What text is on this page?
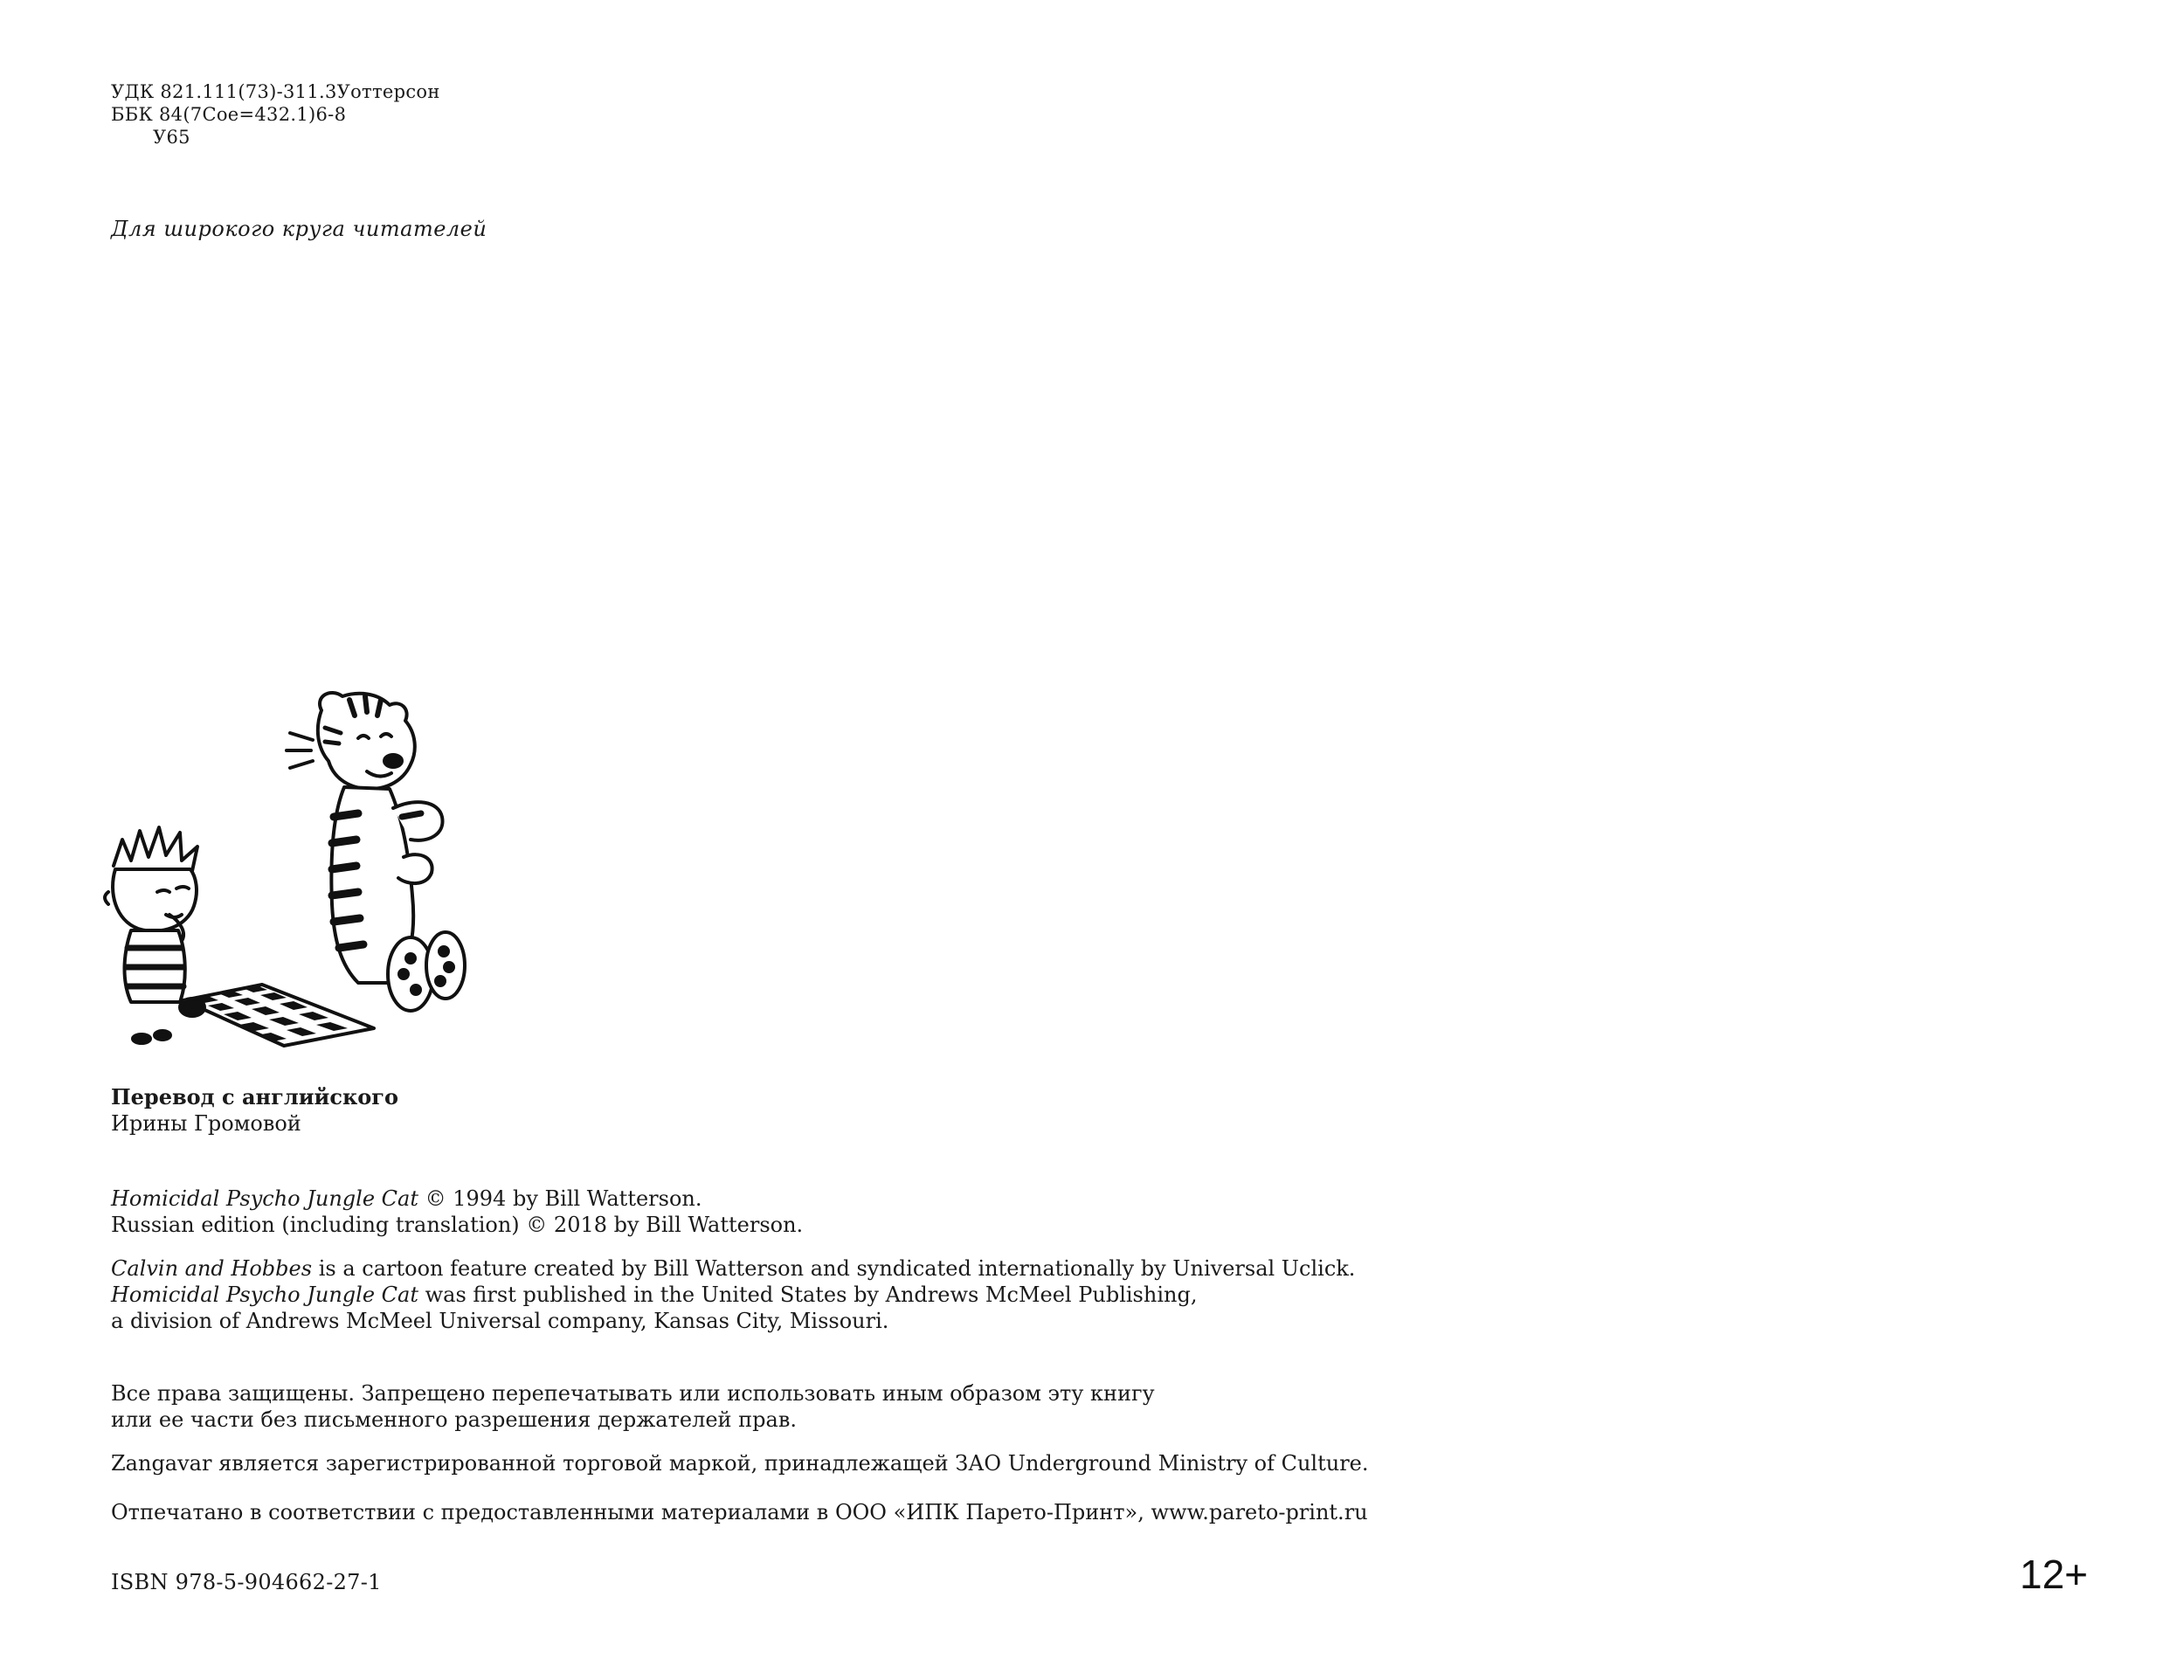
УДК 821.111(73)-311.3Уоттерсон
ББК 84(7Сое=432.1)6-8
У65
Для широкого круга читателей
Перевод с английского
Ирины Громовой
Homicidal Psycho Jungle Cat © 1994 by Bill Watterson.
Russian edition (including translation) © 2018 by Bill Watterson.
Calvin and Hobbes is a cartoon feature created by Bill Watterson and syndicated internationally by Universal Uclick.
Homicidal Psycho Jungle Cat was first published in the United States by Andrews McMeel Publishing,
a division of Andrews McMeel Universal company, Kansas City, Missouri.
Все права защищены. Запрещено перепечатывать или использовать иным образом эту книгу
или ее части без письменного разрешения держателей прав.
Zangavar является зарегистрированной торговой маркой, принадлежащей ЗАО Underground Ministry of Culture.
Отпечатано в соответствии с предоставленными материалами в ООО «ИПК Парето-Принт», www.pareto-print.ru
ISBN 978-5-904662-27-1	12+
